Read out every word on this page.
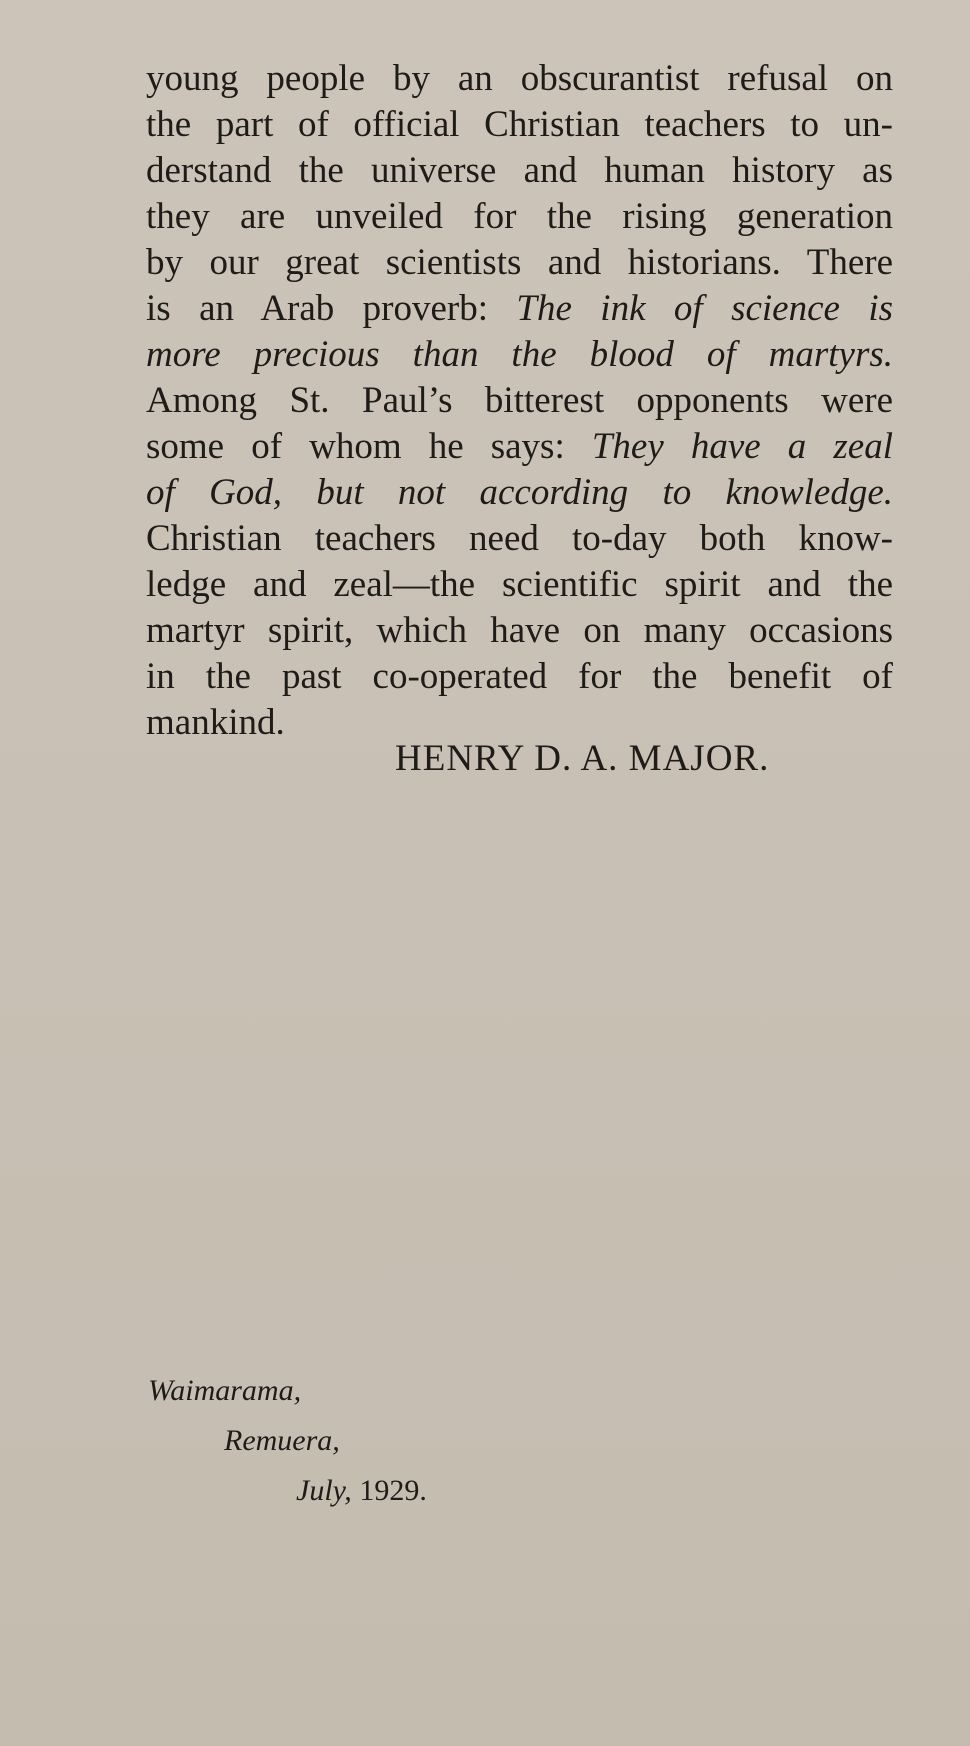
young people by an obscurantist refusal on
the part of official Christian teachers to un-
derstand the universe and human history as
they are unveiled for the rising generation
by our great scientists and historians. There
is an Arab proverb: The ink of science is
more precious than the blood of martyrs.
Among St. Paul’s bitterest opponents were
some of whom he says: They have a zeal
of God, but not according to knowledge.
Christian teachers need to-day both know-
ledge and zeal—the scientific spirit and the
martyr spirit, which have on many occasions
in the past co-operated for the benefit of
mankind.
HENRY D. A. MAJOR.
Waimarama,
Remuera,
July, 1929.
